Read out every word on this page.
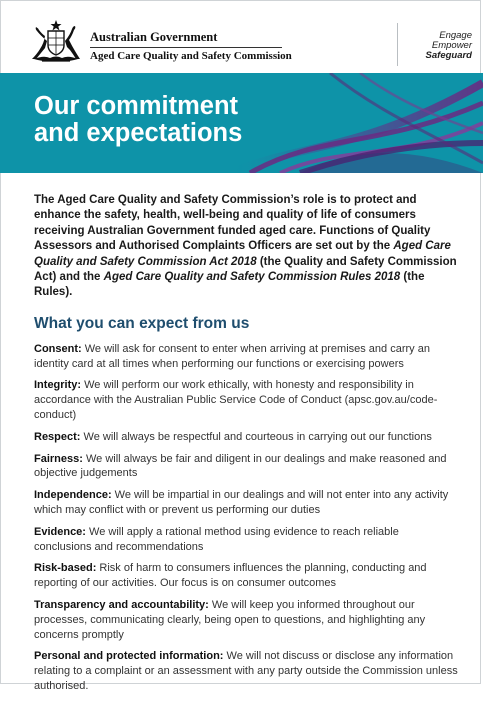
Australian Government

Aged Care Quality and Safety Commission

Engage
Empower
Safeguard
Our commitment
and expectations

The Aged Care Quality and Safety Commission’s role is to protect and enhance the safety, health, well-being and quality of life of consumers receiving Australian Government funded aged care. Functions of Quality Assessors and Authorised Complaints Officers are set out by the Aged Care Quality and Safety Commission Act 2018 (the Quality and Safety Commission Act) and the Aged Care Quality and Safety Commission Rules 2018 (the Rules).

What you can expect from us

Consent: We will ask for consent to enter when arriving at premises and carry an identity card at all times when performing our functions or exercising powers

Integrity: We will perform our work ethically, with honesty and responsibility in accordance with the Australian Public Service Code of Conduct (apsc.gov.au/code-conduct)

Respect: We will always be respectful and courteous in carrying out our functions

Fairness: We will always be fair and diligent in our dealings and make reasoned and objective judgements

Independence: We will be impartial in our dealings and will not enter into any activity which may conflict with or prevent us performing our duties

Evidence: We will apply a rational method using evidence to reach reliable conclusions and recommendations

Risk-based: Risk of harm to consumers influences the planning, conducting and reporting of our activities. Our focus is on consumer outcomes

Transparency and accountability: We will keep you informed throughout our processes, communicating clearly, being open to questions, and highlighting any concerns promptly

Personal and protected information: We will not discuss or disclose any information relating to a complaint or an assessment with any party outside the Commission unless authorised.
